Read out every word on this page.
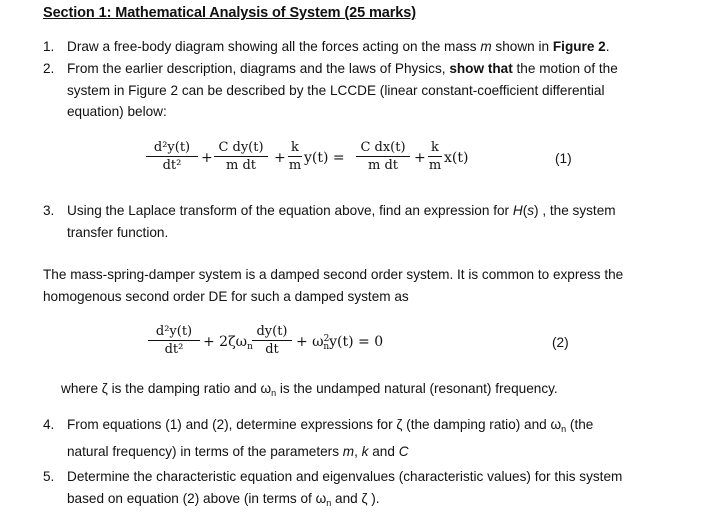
Section 1: Mathematical Analysis of System (25 marks)
1. Draw a free-body diagram showing all the forces acting on the mass m shown in Figure 2.
2. From the earlier description, diagrams and the laws of Physics, show that the motion of the
system in Figure 2 can be described by the LCCDE (linear constant-coefficient differential
equation) below:
d²y(t)
dt²	+
C dy(t)
m dt	+
k
m y(t) =
C dx(t)
m dt	+
k
m x(t)	(1)
3. Using the Laplace transform of the equation above, find an expression for H(s) , the system
transfer function.
The mass-spring-damper system is a damped second order system. It is common to express the
homogenous second order DE for such a damped system as
d²y(t)
dt²	+ $2\zeta\omega_n$
dy(t)
dt	+ $\omega^2_ny(t) = 0$	(2)
where ζ is the damping ratio and $\omega_n$ is the undamped natural (resonant) frequency.
4. From equations (1) and (2), determine expressions for ζ (the damping ratio) and $\omega_n$ (the
natural frequency) in terms of the parameters m, k and C
5. Determine the characteristic equation and eigenvalues (characteristic values) for this system
based on equation (2) above (in terms of $\omega_n$ and ζ ).
